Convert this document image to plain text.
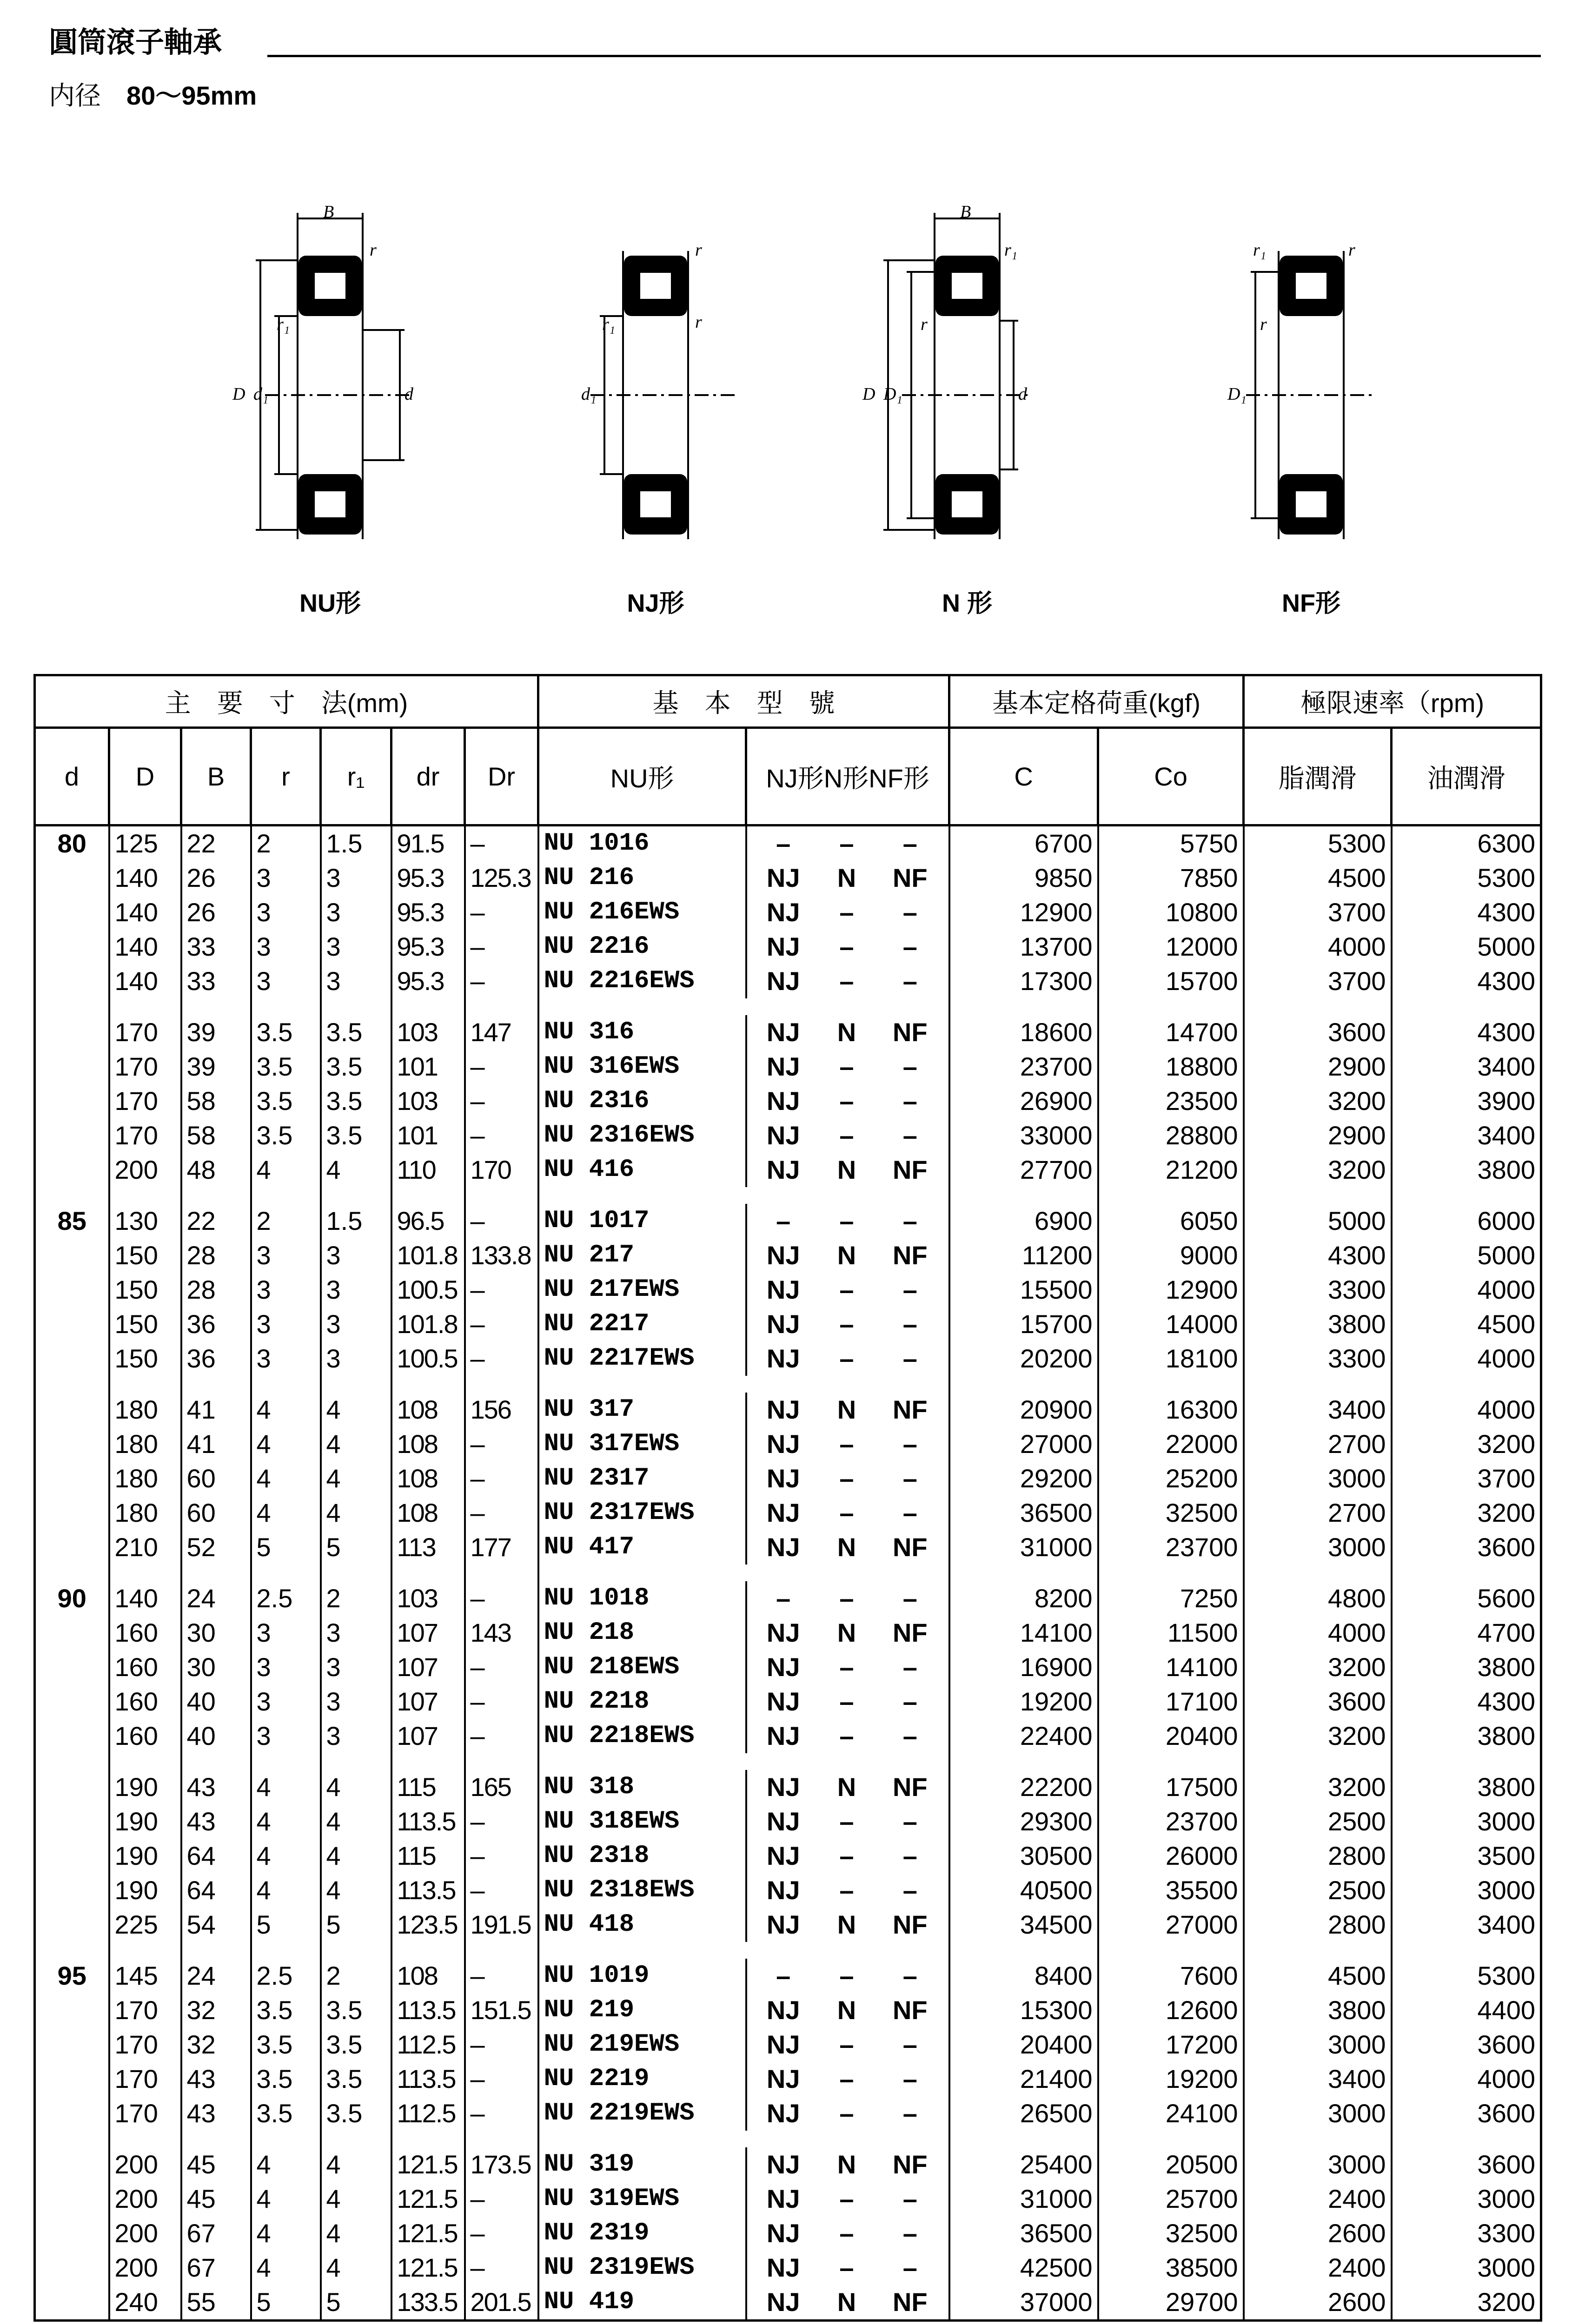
圓筒滾子軸承
内径 80～95mm
B
r
r₁
D d₁	d
NU形
r
r
r₁
d₁
NJ形
B
r₁
r
D D₁	d
N 形
r₁	r
r
D₁
NF形
主　要　寸　法(mm)							基　本　型　號		基本定格荷重(kgf)		極限速率（rpm)	
d	D	B	r	r₁	dr	Dr	NU形	NJ形N形NF形	C	Co	脂潤滑	油潤滑
80	125	22	2	1.5	91.5	–	NU 1016	– – –	6700	5750	5300	6300
	140	26	3	3	95.3	125.3	NU 216	NJ N NF	9850	7850	4500	5300
	140	26	3	3	95.3	–	NU 216EWS	NJ – –	12900	10800	3700	4300
	140	33	3	3	95.3	–	NU 2216	NJ – –	13700	12000	4000	5000
	140	33	3	3	95.3	–	NU 2216EWS	NJ – –	17300	15700	3700	4300

	170	39	3.5	3.5	103	147	NU 316	NJ N NF	18600	14700	3600	4300
	170	39	3.5	3.5	101	–	NU 316EWS	NJ – –	23700	18800	2900	3400
	170	58	3.5	3.5	103	–	NU 2316	NJ – –	26900	23500	3200	3900
	170	58	3.5	3.5	101	–	NU 2316EWS	NJ – –	33000	28800	2900	3400
	200	48	4	4	110	170	NU 416	NJ N NF	27700	21200	3200	3800

85	130	22	2	1.5	96.5	–	NU 1017	– – –	6900	6050	5000	6000
	150	28	3	3	101.8	133.8	NU 217	NJ N NF	11200	9000	4300	5000
	150	28	3	3	100.5	–	NU 217EWS	NJ – –	15500	12900	3300	4000
	150	36	3	3	101.8	–	NU 2217	NJ – –	15700	14000	3800	4500
	150	36	3	3	100.5	–	NU 2217EWS	NJ – –	20200	18100	3300	4000

	180	41	4	4	108	156	NU 317	NJ N NF	20900	16300	3400	4000
	180	41	4	4	108	–	NU 317EWS	NJ – –	27000	22000	2700	3200
	180	60	4	4	108	–	NU 2317	NJ – –	29200	25200	3000	3700
	180	60	4	4	108	–	NU 2317EWS	NJ – –	36500	32500	2700	3200
	210	52	5	5	113	177	NU 417	NJ N NF	31000	23700	3000	3600

90	140	24	2.5	2	103	–	NU 1018	– – –	8200	7250	4800	5600
	160	30	3	3	107	143	NU 218	NJ N NF	14100	11500	4000	4700
	160	30	3	3	107	–	NU 218EWS	NJ – –	16900	14100	3200	3800
	160	40	3	3	107	–	NU 2218	NJ – –	19200	17100	3600	4300
	160	40	3	3	107	–	NU 2218EWS	NJ – –	22400	20400	3200	3800

	190	43	4	4	115	165	NU 318	NJ N NF	22200	17500	3200	3800
	190	43	4	4	113.5	–	NU 318EWS	NJ – –	29300	23700	2500	3000
	190	64	4	4	115	–	NU 2318	NJ – –	30500	26000	2800	3500
	190	64	4	4	113.5	–	NU 2318EWS	NJ – –	40500	35500	2500	3000
	225	54	5	5	123.5	191.5	NU 418	NJ N NF	34500	27000	2800	3400

95	145	24	2.5	2	108	–	NU 1019	– – –	8400	7600	4500	5300
	170	32	3.5	3.5	113.5	151.5	NU 219	NJ N NF	15300	12600	3800	4400
	170	32	3.5	3.5	112.5	–	NU 219EWS	NJ – –	20400	17200	3000	3600
	170	43	3.5	3.5	113.5	–	NU 2219	NJ – –	21400	19200	3400	4000
	170	43	3.5	3.5	112.5	–	NU 2219EWS	NJ – –	26500	24100	3000	3600

	200	45	4	4	121.5	173.5	NU 319	NJ N NF	25400	20500	3000	3600
	200	45	4	4	121.5	–	NU 319EWS	NJ – –	31000	25700	2400	3000
	200	67	4	4	121.5	–	NU 2319	NJ – –	36500	32500	2600	3300
	200	67	4	4	121.5	–	NU 2319EWS	NJ – –	42500	38500	2400	3000
	240	55	5	5	133.5	201.5	NU 419	NJ N NF	37000	29700	2600	3200
